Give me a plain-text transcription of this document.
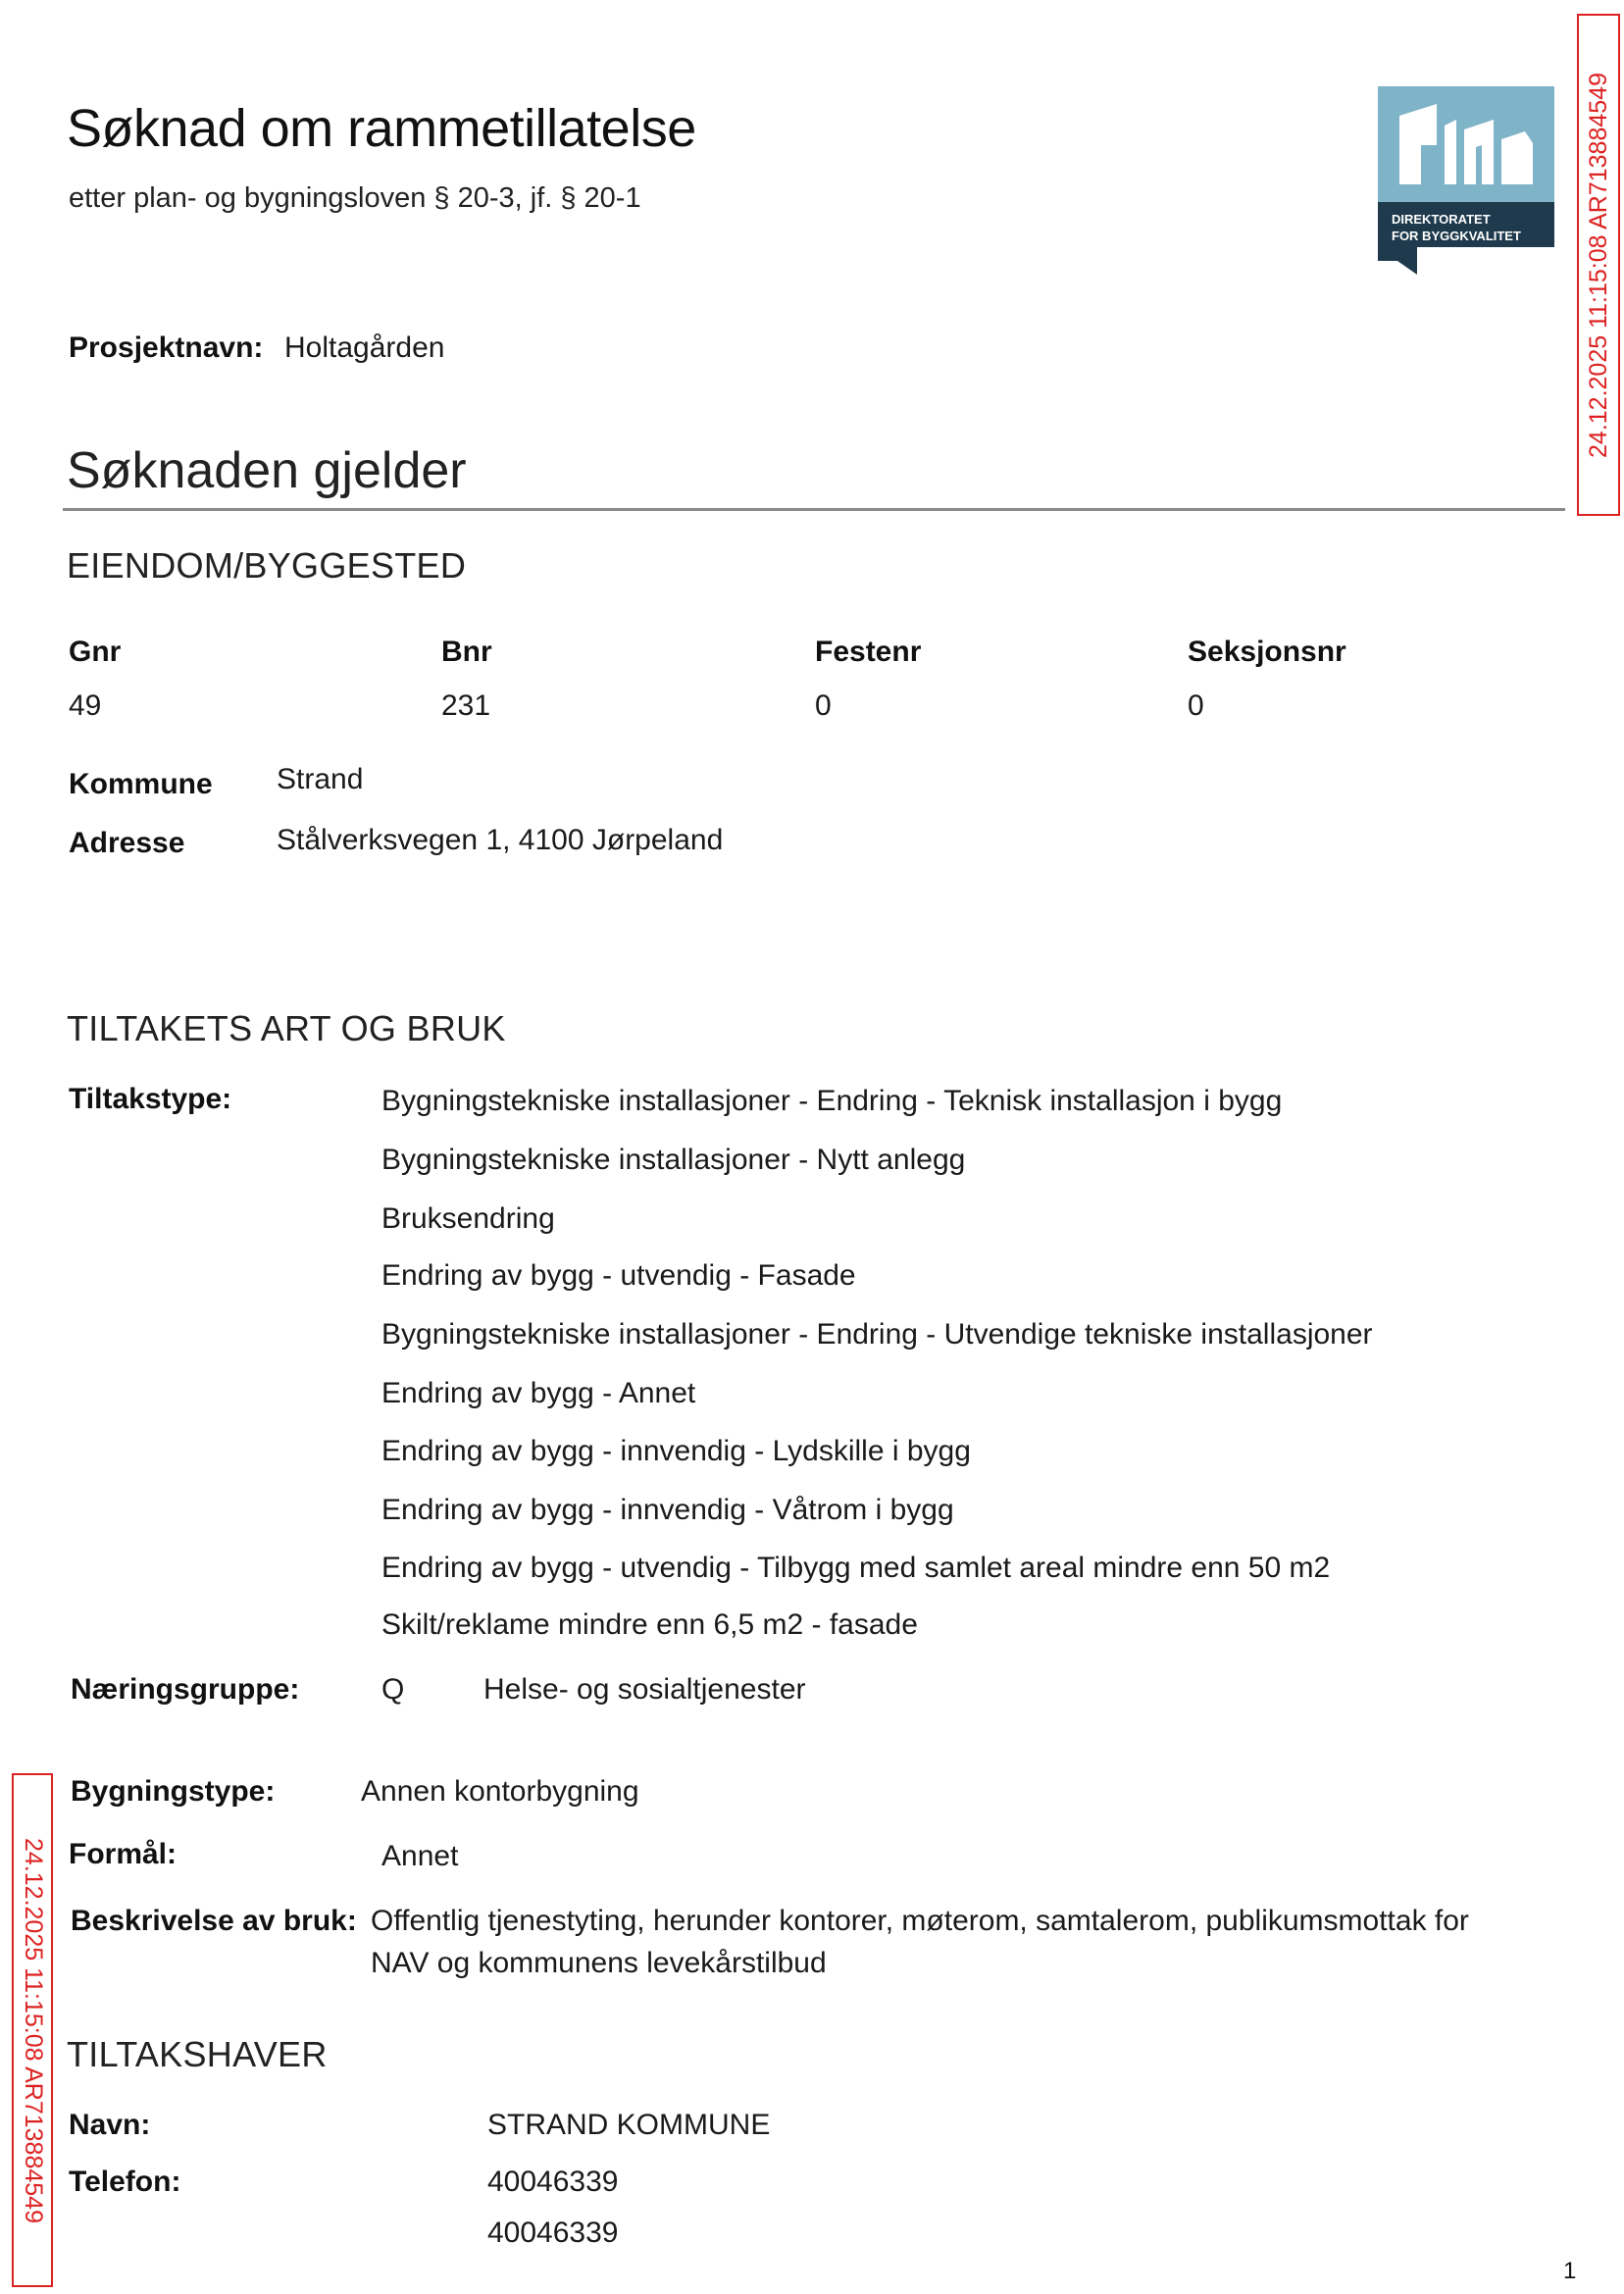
Søknad om rammetillatelse
etter plan- og bygningsloven § 20-3, jf. § 20-1
DIREKTORATET
FOR BYGGKVALITET	24.12.2025 11:15:08 AR713884549
24.12.2025 11:15:08 AR713884549
Prosjektnavn: Holtagården
Søknaden gjelder
EIENDOM/BYGGESTED
Gnr	Bnr	Festenr	Seksjonsnr
49	231	0	0
Kommune Strand
Adresse	Stålverksvegen 1, 4100 Jørpeland
TILTAKETS ART OG BRUK
Tiltakstype:	Bygningstekniske installasjoner - Endring - Teknisk installasjon i bygg
Bygningstekniske installasjoner - Nytt anlegg
Bruksendring
Endring av bygg - utvendig - Fasade
Bygningstekniske installasjoner - Endring - Utvendige tekniske installasjoner
Endring av bygg - Annet
Endring av bygg - innvendig - Lydskille i bygg
Endring av bygg - innvendig - Våtrom i bygg
Endring av bygg - utvendig - Tilbygg med samlet areal mindre enn 50 m2
Skilt/reklame mindre enn 6,5 m2 - fasade
Næringsgruppe:	Q	Helse- og sosialtjenester
Bygningstype:	Annen kontorbygning
Formål:	Annet
Beskrivelse av bruk: Offentlig tjenestyting, herunder kontorer, møterom, samtalerom, publikumsmottak for
NAV og kommunens levekårstilbud
TILTAKSHAVER
Navn:	STRAND KOMMUNE
Telefon:	40046339
40046339
1
